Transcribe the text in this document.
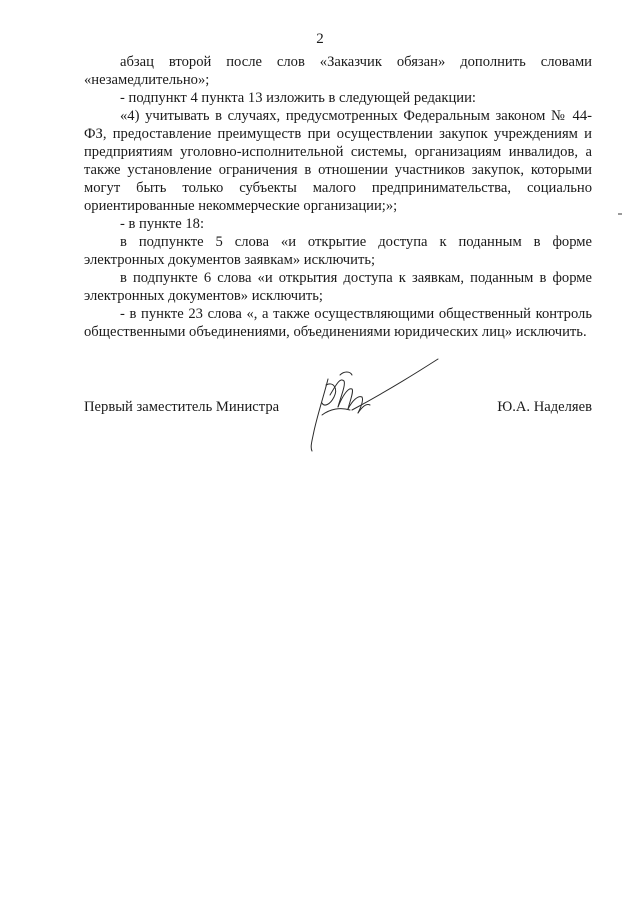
2

абзац второй после слов «Заказчик обязан» дополнить словами «незамедлительно»;

- подпункт 4 пункта 13 изложить в следующей редакции:

«4) учитывать в случаях, предусмотренных Федеральным законом № 44-ФЗ, предоставление преимуществ при осуществлении закупок учреждениям и предприятиям уголовно-исполнительной системы, организациям инвалидов, а также установление ограничения в отношении участников закупок, которыми могут быть только субъекты малого предпринимательства, социально ориентированные некоммерческие организации;»;

- в пункте 18:

в подпункте 5 слова «и открытие доступа к поданным в форме электронных документов заявкам» исключить;

в подпункте 6 слова «и открытия доступа к заявкам, поданным в форме электронных документов» исключить;

- в пункте 23 слова «, а также осуществляющими общественный контроль общественными объединениями, объединениями юридических лиц» исключить.

Первый заместитель Министра	Ю.А. Наделяев
